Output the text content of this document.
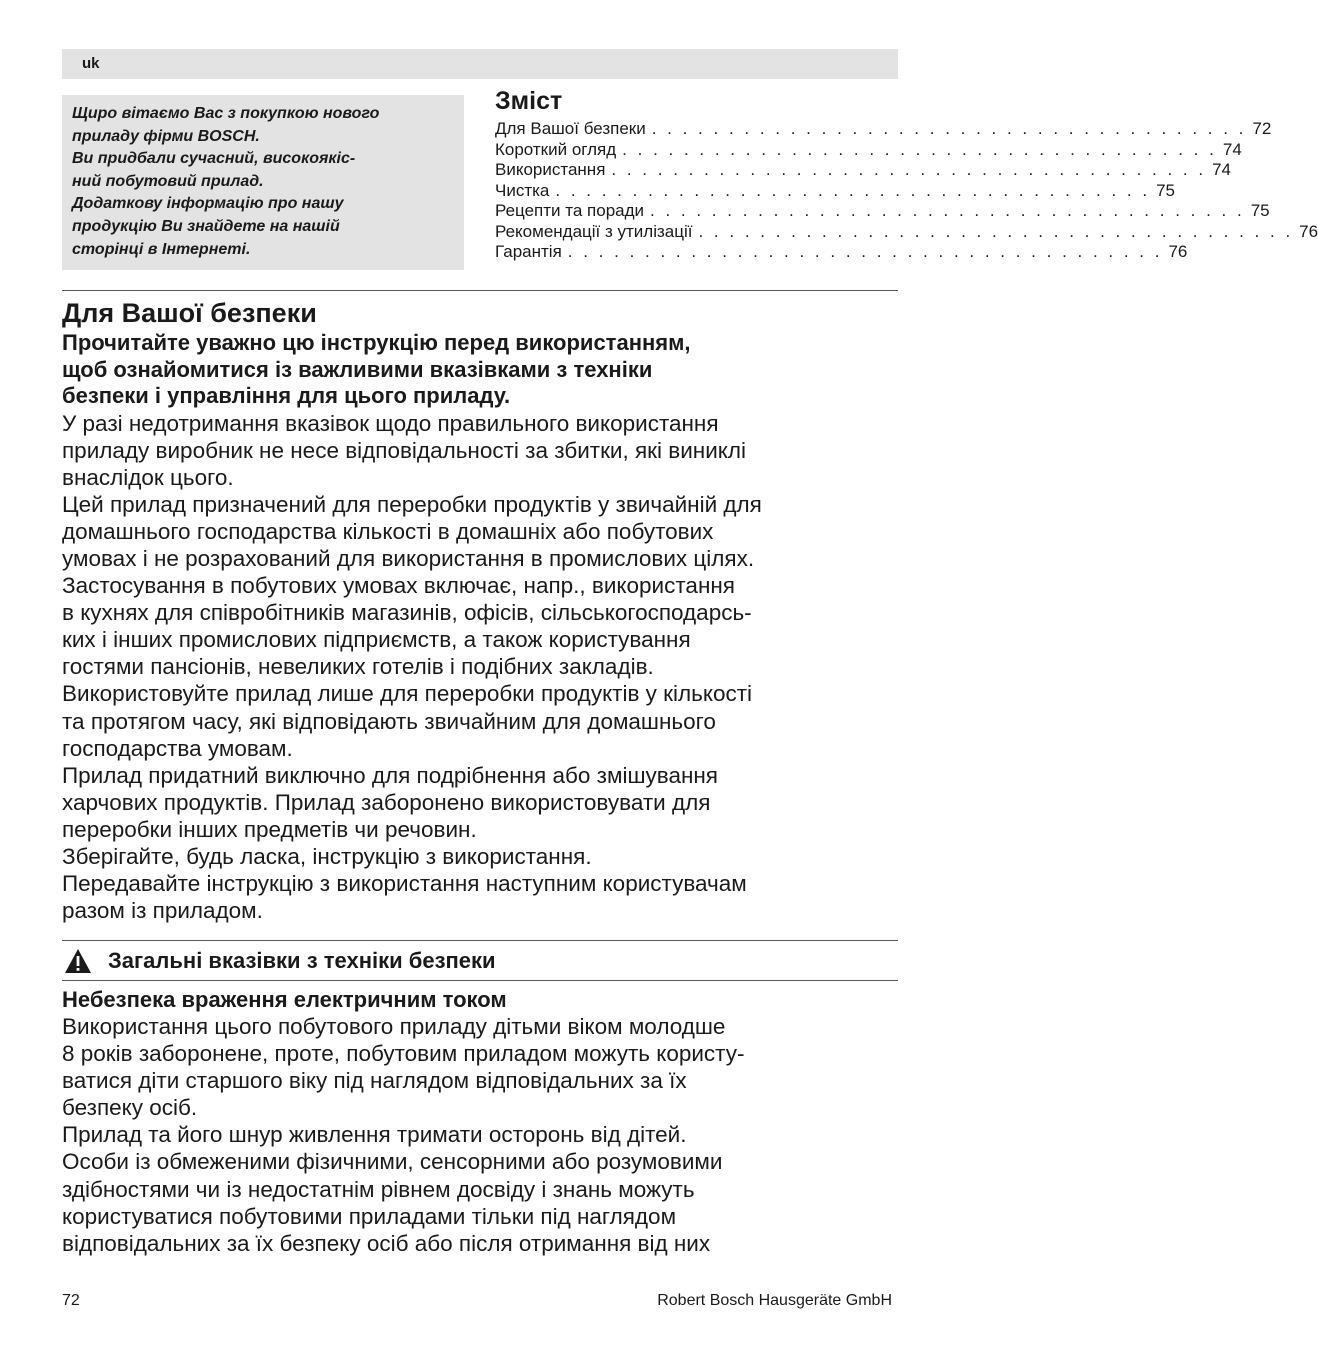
uk

Щиро вітаємо Вас з покупкою нового

приладу фірми BOSCH.

Ви придбали сучасний, високоякіс-

ний побутовий прилад.

Додаткову інформацію про нашу

продукцію Ви знайдете на нашій

сторінці в Інтернеті.

Зміст
Для Вашої безпеки . . . . . . . . . . . . . . . . . . . . . . . . . . . . . . . . . . . . . . . 72
Короткий огляд . . . . . . . . . . . . . . . . . . . . . . . . . . . . . . . . . . . . . . . 74
Використання . . . . . . . . . . . . . . . . . . . . . . . . . . . . . . . . . . . . . . . 74
Чистка . . . . . . . . . . . . . . . . . . . . . . . . . . . . . . . . . . . . . . . 75
Рецепти та поради . . . . . . . . . . . . . . . . . . . . . . . . . . . . . . . . . . . . . . . 75
Рекомендації з утилізації . . . . . . . . . . . . . . . . . . . . . . . . . . . . . . . . . . . . . . . 76
Гарантія . . . . . . . . . . . . . . . . . . . . . . . . . . . . . . . . . . . . . . . 76
Для Вашої безпеки

Прочитайте уважно цю інструкцію перед використанням,

щоб ознайомитися із важливими вказівками з техніки

безпеки і управління для цього приладу.

У разі недотримання вказівок щодо правильного використання

приладу виробник не несе відповідальності за збитки, які виниклі

внаслідок цього.

Цей прилад призначений для переробки продуктів у звичайній для

домашнього господарства кількості в домашніх або побутових

умовах і не розрахований для використання в промислових цілях.

Застосування в побутових умовах включає, напр., використання

в кухнях для співробітників магазинів, офісів, сільськогосподарсь-

ких і інших промислових підприємств, а також користування

гостями пансіонів, невеликих готелів і подібних закладів.

Використовуйте прилад лише для переробки продуктів у кількості

та протягом часу, які відповідають звичайним для домашнього

господарства умовам.

Прилад придатний виключно для подрібнення або змішування

харчових продуктів. Прилад заборонено використовувати для

переробки інших предметів чи речовин.

Зберігайте, будь ласка, інструкцію з використання.

Передавайте інструкцію з використання наступним користувачам

разом із приладом.

Загальні вказівки з техніки безпеки
Небезпека враження електричним током

Використання цього побутового приладу дітьми віком молодше

8 років заборонене, проте, побутовим приладом можуть користу-

ватися діти старшого віку під наглядом відповідальних за їх

безпеку осіб.

Прилад та його шнур живлення тримати осторонь від дітей.

Особи із обмеженими фізичними, сенсорними або розумовими

здібностями чи із недостатнім рівнем досвіду і знань можуть

користуватися побутовими приладами тільки під наглядом

відповідальних за їх безпеку осіб або після отримання від них

72	Robert Bosch Hausgeräte GmbH
